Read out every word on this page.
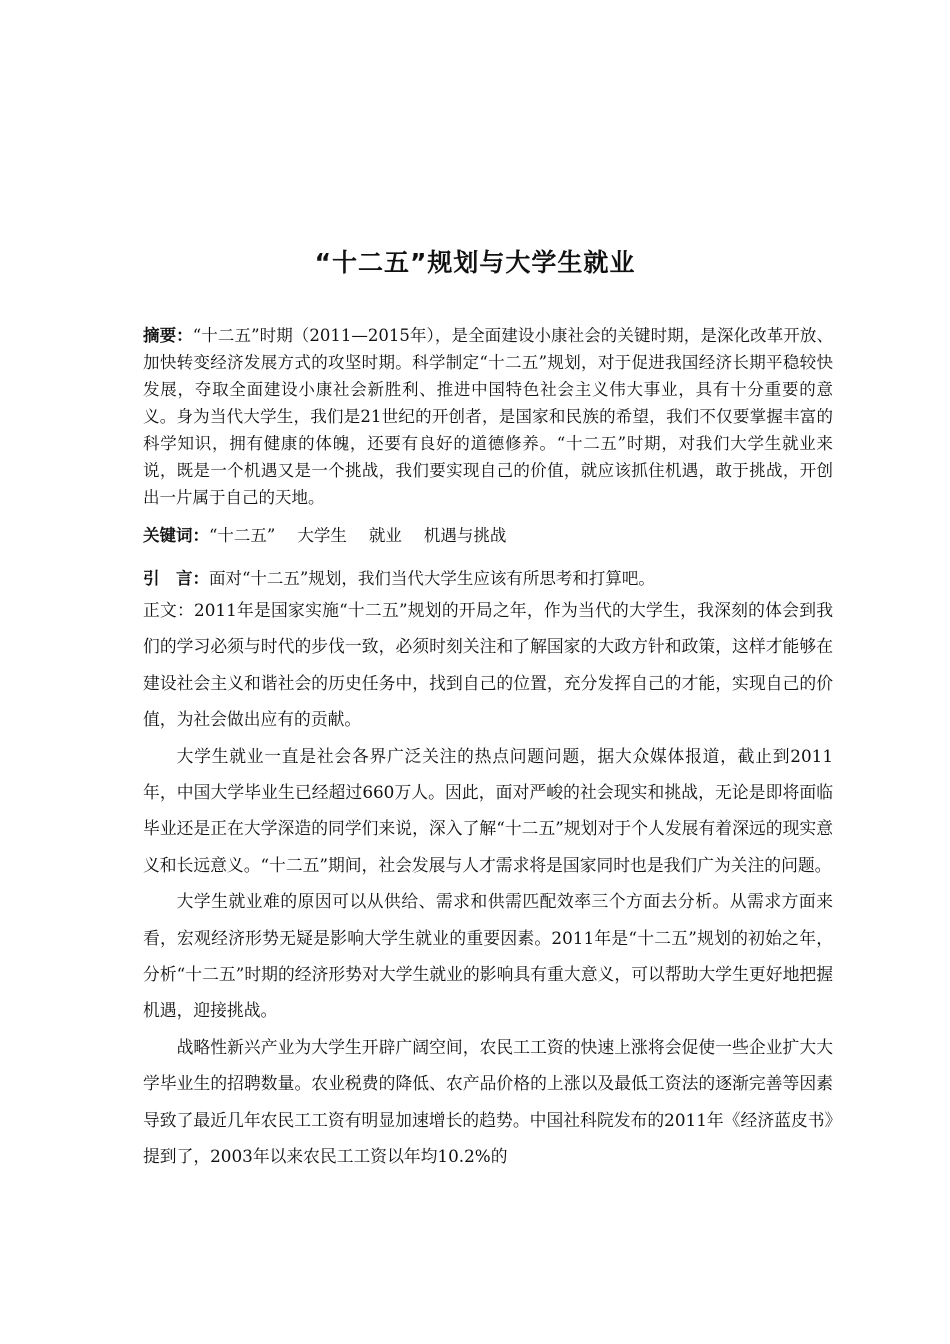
“十二五”规划与大学生就业
摘要：“十二五”时期（2011—2015年），是全面建设小康社会的关键时期，是深化改革开放、加快转变经济发展方式的攻坚时期。科学制定“十二五”规划，对于促进我国经济长期平稳较快发展，夺取全面建设小康社会新胜利、推进中国特色社会主义伟大事业，具有十分重要的意义。身为当代大学生，我们是21世纪的开创者，是国家和民族的希望，我们不仅要掌握丰富的科学知识，拥有健康的体魄，还要有良好的道德修养。“十二五”时期，对我们大学生就业来说，既是一个机遇又是一个挑战，我们要实现自己的价值，就应该抓住机遇，敢于挑战，开创出一片属于自己的天地。
关键词：“十二五” 大学生 就业 机遇与挑战
引　言：面对“十二五”规划，我们当代大学生应该有所思考和打算吧。

正文：2011年是国家实施“十二五”规划的开局之年，作为当代的大学生，我深刻的体会到我们的学习必须与时代的步伐一致，必须时刻关注和了解国家的大政方针和政策，这样才能够在建设社会主义和谐社会的历史任务中，找到自己的位置，充分发挥自己的才能，实现自己的价值，为社会做出应有的贡献。

大学生就业一直是社会各界广泛关注的热点问题问题，据大众媒体报道，截止到2011年，中国大学毕业生已经超过660万人。因此，面对严峻的社会现实和挑战，无论是即将面临毕业还是正在大学深造的同学们来说，深入了解“十二五”规划对于个人发展有着深远的现实意义和长远意义。“十二五”期间，社会发展与人才需求将是国家同时也是我们广为关注的问题。

大学生就业难的原因可以从供给、需求和供需匹配效率三个方面去分析。从需求方面来看，宏观经济形势无疑是影响大学生就业的重要因素。2011年是“十二五”规划的初始之年，分析“十二五”时期的经济形势对大学生就业的影响具有重大意义，可以帮助大学生更好地把握机遇，迎接挑战。

战略性新兴产业为大学生开辟广阔空间，农民工工资的快速上涨将会促使一些企业扩大大学毕业生的招聘数量。农业税费的降低、农产品价格的上涨以及最低工资法的逐渐完善等因素导致了最近几年农民工工资有明显加速增长的趋势。中国社科院发布的2011年《经济蓝皮书》提到了，2003年以来农民工工资以年均10.2%的
